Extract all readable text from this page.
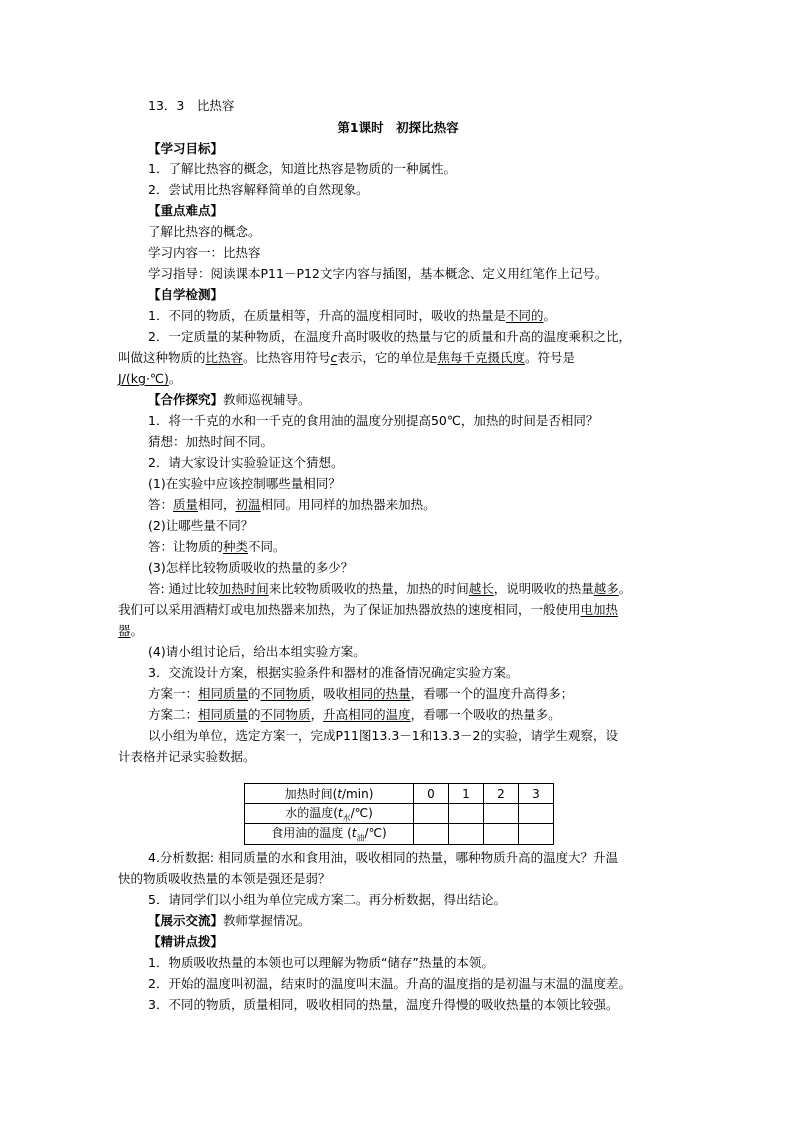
13．3　比热容
第1课时　初探比热容
【学习目标】
1．了解比热容的概念，知道比热容是物质的一种属性。
2．尝试用比热容解释简单的自然现象。
【重点难点】
了解比热容的概念。
学习内容一：比热容
学习指导：阅读课本P11－P12文字内容与插图，基本概念、定义用红笔作上记号。
【自学检测】
1．不同的物质，在质量相等，升高的温度相同时，吸收的热量是不同的。
2．一定质量的某种物质，在温度升高时吸收的热量与它的质量和升高的温度乘积之比，
叫做这种物质的比热容。比热容用符号c表示，它的单位是焦每千克摄氏度。符号是
J/(kg·℃)。
【合作探究】教师巡视辅导。
1．将一千克的水和一千克的食用油的温度分别提高50℃，加热的时间是否相同？
猜想：加热时间不同。
2．请大家设计实验验证这个猜想。
(1)在实验中应该控制哪些量相同？
答：质量相同，初温相同。用同样的加热器来加热。
(2)让哪些量不同？
答：让物质的种类不同。
(3)怎样比较物质吸收的热量的多少？
答: 通过比较加热时间来比较物质吸收的热量，加热的时间越长，说明吸收的热量越多。
我们可以采用酒精灯或电加热器来加热，为了保证加热器放热的速度相同，一般使用电加热
器。
(4)请小组讨论后，给出本组实验方案。
3．交流设计方案，根据实验条件和器材的准备情况确定实验方案。
方案一：相同质量的不同物质，吸收相同的热量，看哪一个的温度升高得多；
方案二：相同质量的不同物质，升高相同的温度，看哪一个吸收的热量多。
以小组为单位，选定方案一，完成P11图13.3－1和13.3－2的实验，请学生观察，设
计表格并记录实验数据。
加热时间(t/min)	0	1	2	3
水的温度$(t_水/℃)$				
食用油的温度 $(t_油/℃)$				
4.分析数据: 相同质量的水和食用油，吸收相同的热量，哪种物质升高的温度大？升温
快的物质吸收热量的本领是强还是弱？
5．请同学们以小组为单位完成方案二。再分析数据，得出结论。
【展示交流】教师掌握情况。
【精讲点拨】
1．物质吸收热量的本领也可以理解为物质“储存”热量的本领。
2．开始的温度叫初温，结束时的温度叫末温。升高的温度指的是初温与末温的温度差。
3．不同的物质，质量相同，吸收相同的热量，温度升得慢的吸收热量的本领比较强。
